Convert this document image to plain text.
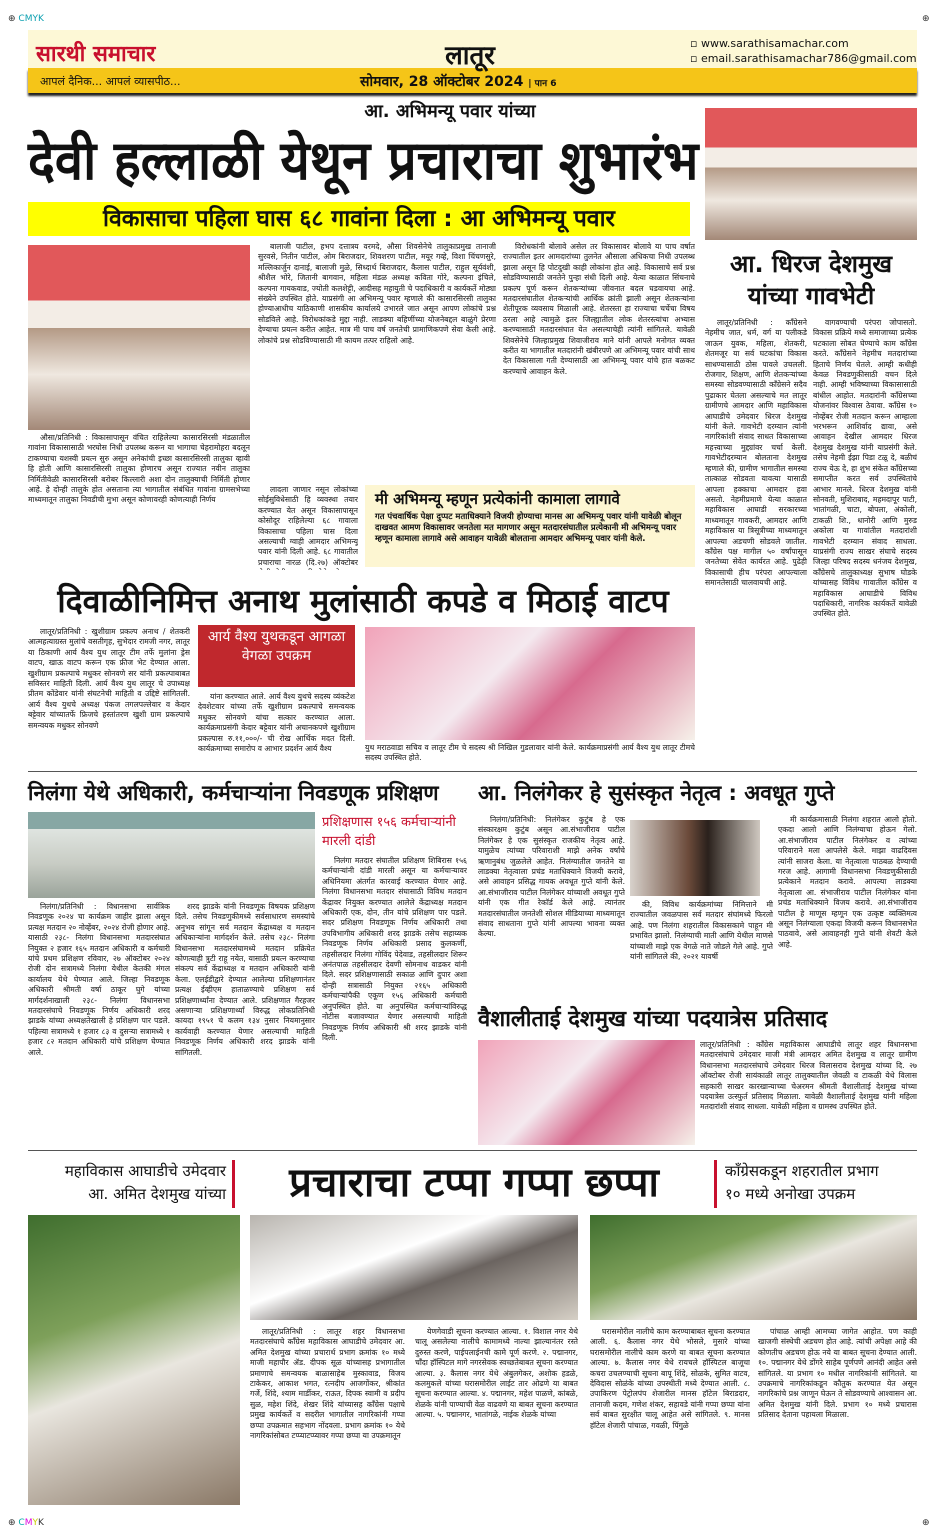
⊕ CMYK	⊕
सारथी समाचार	लातूर	▫ www.sarathisamachar.com
▫ email.sarathisamachar786@gmail.com
आपलं दैनिक... आपलं व्यासपीठ...	सोमवार, 28 ऑक्टोबर 2024 | पान 6
आ. अभिमन्यू पवार यांच्या
देवी हल्लाळी येथून प्रचाराचा शुभारंभ
विकासाचा पहिला घास ६८ गावांना दिला : आ अभिमन्यू पवार

औसा/प्रतिनिधी : विकासापासून वंचित राहिलेल्या कासारसिरसी मंडळातील गावांना विकासासाठी भरघोस निधी उपलब्ध करून या भागाचा चेहरामोहरा बदलून टाकण्याचा यशस्वी प्रयत्न सुरु असून अनेकांची इच्छा कासारसिरसी तालुका व्हावी हि होती आणि कासारसिरसी तालुका होणारच असून राज्यात नवीन तालुका निर्मितीवेळी कासारसिरसी बरोबर किल्लारी अशा दोन तालुक्याची निर्मिती होणार आहे. हे दोन्ही तालुके होत असताना त्या भागातील संबंधित गावांना ग्रामसभेच्या माध्यमातून तालुका निवडीची मुभा असून कोणावरही कोणत्याही निर्णय

बालाजी पाटील, हभप दत्तात्रय वरमदे, औसा शिवसेनेचे तालुकाप्रमुख तानाजी सुरवसे, नितीन पाटील, ओम बिराजदार, शिवशरण पाटील, मयूर गव्हे, विशा चिंचणसुरे, मल्लिकार्जुन दानाई, बालाजी मुळे, सिध्दार्थ बिराजदार, कैलास पाटील, राहुल सूर्यवंशी, श्रीशैल भोरे, जितानी बागवान, महिला मंडळ अध्यक्ष कविता गोरे, कल्पना इंचिले, कल्पना गायकवाड, ज्योती कलशेट्टी, आदीसह महायुती चे पदाधिकारी व कार्यकर्ते मोठ्या संख्येने उपस्थित होते. याप्रसंगी आ अभिमन्यू पवार म्हणाले की कासारसिरसी तालुका होण्याआधीच याठिकाणी शासकीय कार्यालये उभारले जात असून आपण लोकांचे प्रश्न सोडविले आहे. विरोधकांकडे मुद्दा नाही. लाडक्या बहिणींच्या योजनेबद्दल बाळुंगे प्रेरणा देण्याचा प्रयत्न करीत आहेत. मात्र मी पाच वर्ष जनतेची प्रामाणिकपणे सेवा केली आहे. लोकांचे प्रश्न सोडविण्यासाठी मी कायम तत्पर राहिलो आहे.

विरोधकांनी बोलावे असेल तर विकासावर बोलावे या पाच वर्षात राज्यातील इतर आमदारांच्या तुलनेत औसाला अधिकचा निधी उपलब्ध झाला असून हि पोटदुखी काही लोकांना होत आहे. विकासाचे सर्व प्रश्न सोडविण्यासाठी जनतेने पुन्हा संधी दिली आहे. येत्या काळात सिंचनाचे प्रकल्प पूर्ण करून शेतकऱ्यांच्या जीवनात बदल घडवायचा आहे. मतदारसंघातील शेतकऱ्यांची आर्थिक क्रांती झाली असून शेतकऱ्यांना शेतीपूरक व्यवसाय मिळाली आहे. शेतरस्ता हा राज्याचा चर्चेचा विषय ठरला आहे त्यामुळे इतर जिल्ह्यातील लोक शेतरस्त्यांचा अभ्यास करण्यासाठी मतदारसंघात येत असल्याचेही त्यांनी सांगितले. यावेळी शिवसेनेचे जिल्हाप्रमुख शिवाजीराव माने यांनी आपले मनोगत व्यक्त करीत या भागातील मतदारांनी खंबीरपणे आ अभिमन्यू पवार यांची साथ देत विकासाला गती देण्यासाठी आ अभिमन्यू पवार यांचे हात बळकट करण्याचे आवाहन केले.

लादला जाणार नसून लोकांच्या सोईसुविधेसाठी हि व्यवस्था तयार करण्यात येत असून विकासापासून कोसोदूर राहिलेल्या ६८ गावाला विकासाचा पहिला घास दिला असल्याची ग्वाही आमदार अभिमन्यू पवार यांनी दिली आहे. ६८ गावातील प्रचाराचा नारळ (दि.२७) ऑक्टोबर

मी अभिमन्यू म्हणून प्रत्येकांनी कामाला लागावे
गत पंचवार्षिक पेक्षा दुप्पट मताधिक्याने विजयी होण्याचा मानस आ अभिमन्यू पवार यांनी यावेळी बोलून दाखवत आमण विकासावर जनतेला मत मागणार असून मतदारसंघातील प्रत्येकानी मी अभिमन्यू पवार म्हणून कामाला लागावे असे आवाहन यावेळी बोलताना आमदार अभिमन्यू पवार यांनी केले.
आ. धिरज देशमुख
यांच्या गावभेटी

लातूर/प्रतिनिधी : काँग्रेसने नेहमीच जात, धर्म, वर्ग या पलीकडे जाऊन युवक, महिला, शेतकरी, शेतमजूर या सर्व घटकांचा विकास साधण्यासाठी ठोस पावले उचलली. रोजगार, शिक्षण, आणि शेतकऱ्यांच्या समस्या सोडवण्यासाठी काँग्रेसने सदैव पुढाकार घेतला असल्याचे मत लातूर ग्रामीणचे आमदार आणि महाविकास आघाडीचे उमेदवार धिरज देशमुख यांनी केले. गावभेटी दरम्यान त्यांनी नागरिकांशी संवाद साधत विकासाच्या महत्त्वाच्या मुद्द्यांवर चर्चा केली. गावभेटीदरम्यान बोलताना देशमुख म्हणाले की, ग्रामीण भागातील समस्या तात्काळ सोडवता यावत्या यासाठी आपला हक्काचा आमदार हवा असतो. नेहमीप्रमाणे येत्या काळात महाविकास आघाडी सरकारच्या माध्यमातून गावकरी, आमदार आणि महाविकास या त्रिसूत्रीच्या माध्यमातून आपल्या अडचणी सोडवले जातील. काँग्रेस पक्ष मागील ५० वर्षांपासून जनतेच्या सेवेत कार्यरत आहे. पुढेही विकासाची हीच परंपरा आपल्याला समानतेसाठी चालवायची आहे.

वागवण्याची परंपरा जोपासतो. विकास प्रक्रिये मध्ये समाजाच्या प्रत्येक घटकाला सोबत घेण्याचे काम काँग्रेस करते. काँग्रेसने नेहमीच मतदारांच्या हिताचे निर्णय घेतले. आम्ही कधीही केवळ निवडणुकीसाठी वचन दिले नाही. आम्ही भविष्याच्या विकासासाठी बांधील आहोत. मतदारांनी काँग्रेसच्या योजनांवर विश्वास ठेवावा. काँग्रेस १० नोव्हेंबर रोजी मतदान करून आम्हाला भरभरून आशिर्वाद द्यावा, असे आवाहन देखील आमदार धिरज देशमुख देशमुख यांनी याप्रसंगी केले. तसेच नेहमी ईझा पिडा टळू दे, बळीचं राज्य येऊ दे, हा शुभ संकेत काँग्रेसच्या समाप्तीत करत सर्व उपस्थितांचे आभार मानले. धिरज देशमुख यांनी सोनवती, मुशिराबाद, महमदापूर पाटी, भातांगळी, चाटा, बोपला, अंकोली, टाकळी शि., धानोरी आणि मुरुड अकोला या गावांतील मतदारांशी गावभेटी दरम्यान संवाद साधला. याप्रसंगी राज्य साखर संघाचे सदस्य जिल्हा परिषद सदस्य धनंजय देशमुख, काँग्रेसचे तालुकाध्यक्ष सुभाष घोडके यांच्यासह विविध गावातील काँग्रेस व महाविकास आघाडीचे विविध पदाधिकारी, नागरिक कार्यकर्ते यावेळी उपस्थित होते.

दिवाळीनिमित्त अनाथ मुलांसाठी कपडे व मिठाई वाटप

लातूर/प्रतिनिधी : खुशीग्राम प्रकल्प अनाथ / शेतकरी आत्महत्याग्रस्त मुलांचे वसतीगृह, सुभेदार रामजी नगर, लातूर या ठिकाणी आर्य वैश्य युथ लातूर टीम तर्फे मुलांना ड्रेस वाटप, खाऊ वाटप करून एक फ्रीज भेट देण्यात आला. खुशीग्राम प्रकल्पाचे मधुकर सोनवणे सर यांनी प्रकल्पाबाबत सविस्तर माहिती दिली. आर्य वैश्य युथ लातूर चे उपाध्यक्ष प्रीतम कोंडेवार यांनी संघटनेची माहिती व उद्दिष्टे सांगितली. आर्य वैश्य युथचे अध्यक्ष पंकज तगलपल्लेवार व केदार बट्टेवार यांच्यातर्फे फ्रिजचे हस्तांतरण खुशी ग्राम प्रकल्पाचे समन्वयक मधुकर सोनवणे

आर्य वैश्य युथकडून आगळा वेगळा उपक्रम

यांना करण्यात आले. आर्य वैश्य युथचे सदस्य व्यंकटेश देवशेटवार यांच्या तर्फे खुशीग्राम प्रकल्पाचे समन्वयक मधुकर सोनवणे यांचा सत्कार करण्यात आला. कार्यक्रमाप्रसंगी केदार बट्टेवार यांनी अचानकपणे खुशीग्राम प्रकल्पास रु.११,०००/- ची रोख आर्थिक मदत दिली. कार्यक्रमाच्या समारोप व आभार प्रदर्शन आर्य वैश्य	युथ मराठवाडा सचिव व लातूर टीम चे सदस्य श्री निखिल गुडलावार यांनी केले. कार्यक्रमाप्रसंगी आर्य वैश्य युथ लातूर टीमचे सदस्य उपस्थित होते.
निलंगा येथे अधिकारी, कर्मचाऱ्यांना निवडणूक प्रशिक्षण
प्रशिक्षणास १५६ कर्मचाऱ्यांनी मारली दांडी

निलंगा/प्रतिनिधी : विधानसभा सार्वत्रिक निवडणूक २०२४ चा कार्यक्रम जाहीर झाला असून प्रत्यक्ष मतदान २० नोव्हेंबर, २०२४ रोजी होणार आहे. यासाठी २३८- निलंगा विधानसभा मतदारसंघात नियुक्त २ हजार १६५ मतदान अधिकारी व कर्मचारी यांचे प्रथम प्रशिक्षण रविवार, २७ ऑक्टोबर २०२४ रोजी दोन सत्रामध्ये निलंगा येथील केतकी मंगल कार्यालय येथे घेण्यात आले. जिल्हा निवडणूक अधिकारी श्रीमती वर्षा ठाकूर घुगे यांच्या मार्गदर्शनाखाली २३८- निलंगा विधानसभा मतदारसंघाचे निवडणूक निर्णय अधिकारी शरद झाडके यांच्या अध्यक्षतेखाली हे प्रशिक्षण पार पडले. पहिल्या सत्रामध्ये १ हजार ८३ व दुसऱ्या सत्रामध्ये १ हजार ८२ मतदान अधिकारी यांचे प्रशिक्षण घेण्यात आले.

शरद झाडके यांनी निवडणूक विषयक प्रशिक्षण दिले. तसेच निवडणुकीमध्ये सर्वसाधारण समस्यांचे अनुभव सांगून सर्व मतदान केंद्राध्यक्ष व मतदान अधिकाऱ्यांना मार्गदर्शन केले. तसेच २३८- निलंगा विधानसभा मतदारसंघामध्ये मतदान प्रक्रियेत कोणत्याही त्रुटी राहू नयेत, यासाठी प्रयत्न करण्याचा संकल्प सर्व केंद्राध्यक्ष व मतदान अधिकारी यांनी केला. एलईडीद्वारे देण्यात आलेल्या प्रशिक्षणानंतर प्रत्यक्ष ईव्हीएम हाताळण्याचे प्रशिक्षण सर्व प्रशिक्षणार्थ्यांना देण्यात आले. प्रशिक्षणात गैरहजर असणाऱ्या प्रशिक्षणार्थ्यां विरुद्ध लोकप्रतिनिधी कायदा १९५१ चे कलम १३४ नुसार नियमानुसार कार्यवाही करण्यात येणार असल्याची माहिती निवडणूक निर्णय अधिकारी शरद झाडके यांनी सांगितली.

निलंगा मतदार संघातील प्रशिक्षण शिबिरास १५६ कर्मचाऱ्यांनी दांडी मारली असून या कर्मचाऱ्यावर अधिनियमा अंतर्गत कारवाई करण्यात येणार आहे. निलंगा विधानसभा मतदार संघासाठी विविध मतदान केंद्रावर नियुक्त करण्यात आलेले केंद्राध्यक्ष मतदान अधिकारी एक, दोन, तीन यांचे प्रशिक्षण पार पडले. सदर प्रशिक्षण निवडणूक निर्णय अधिकारी तथा उपविभागीय अधिकारी शरद झाडके तसेच सहाय्यक निवडणूक निर्णय अधिकारी प्रसाद कुलकर्णी, तहसीलदार निलंगा गोविंद पेदेवाड, तहसीलदार शिरूर अनंतपाळ तहसीलदार देवणी सोमनाथ वाडकर यांनी दिले. सदर प्रशिक्षणासाठी सकाळ आणि दुपार अशा दोन्ही सत्रासाठी नियुक्त २१६५ अधिकारी कर्मचाऱ्यांपैकी एकूण १५६ अधिकारी कर्मचारी अनुपस्थित होते. या अनुपस्थित कर्मचाऱ्यांविरुद्ध नोटीस बजावण्यात येणार असल्याची माहिती निवडणूक निर्णय अधिकारी श्री शरद झाडके यांनी दिली.

आ. निलंगेकर हे सुसंस्कृत नेतृत्व : अवधूत गुप्ते

निलंगा/प्रतिनिधी: निलंगेकर कुटुंब हे एक संस्कारक्षम कुटुंब असून आ.संभाजीराव पाटील निलंगेकर हे एक सुसंस्कृत राजकीय नेतृत्व आहे. यामुळेच त्यांच्या परिवाराशी माझे अनेक वर्षांचे ऋणानुबंध जुळलेले आहेत. निलंग्यातील जनतेने या लाडक्या नेतृत्वाला प्रचंड मताधिक्याने विजयी करावे, असे आवाहन प्रसिद्ध गायक अवधूत गुप्ते यांनी केले. आ.संभाजीराव पाटील निलंगेकर यांच्याशी अवधूत गुप्ते यांनी एक गीत रेकॉर्ड केले आहे. त्यानंतर मतदारसंघातील जनतेशी सोशल मीडियाच्या माध्यमातून संवाद साधताना गुप्ते यांनी आपल्या भावना व्यक्त केल्या.

की, विविध कार्यक्रमांच्या निमित्ताने मी राज्यातील जवळपास सर्व मतदार संघांमध्ये फिरलो आहे. पण निलंगा शहरातील विकासकामे पाहून मी प्रभावित झालो. निलंग्याची माती आणि येथील माणसे यांच्याशी माझे एक वेगळे नाते जोडले गेले आहे. गुप्ते यांनी सांगितले की, २०२१ यावर्षी

मी कार्यक्रमासाठी निलंगा शहरात आलो होतो. एकदा आलो आणि निलंग्याचा होऊन गेलो. आ.संभाजीराव पाटील निलंगेकर व त्यांच्या परिवाराने मला आपलेसे केले. माझा वाढदिवस त्यांनी साजरा केला. या नेतृत्वाला पाठबळ देण्याची गरज आहे. आगामी विधानसभा निवडणुकीसाठी प्रत्येकाने मतदान करावे. आपल्या लाडक्या नेतृत्वाला आ. संभाजीराव पाटील निलंगेकर यांना प्रचंड मताधिक्याने विजय करावे. आ.संभाजीराव पाटील हे माणूस म्हणून एक उत्कृष्ट व्यक्तिमत्व असून निलंग्याला एकदा विजयी करून विधानसभेत पाठवावे, असे आवाहनही गुप्ते यांनी शेवटी केले आहे.

वैशालीताई देशमुख यांच्या पदयात्रेस प्रतिसाद
लातूर/प्रतिनिधी : काँग्रेस महाविकास आघाडीचे लातूर शहर विधानसभा मतदारसंघाचे उमेदवार माजी मंत्री आमदार अमित देशमुख व लातूर ग्रामीण विधानसभा मतदारसंघाचे उमेदवार धिरज विलासराव देशमुख यांच्या दि. २७ ऑक्टोबर रोजी सायंकाळी लातूर तालुक्यातील जेवळी व टाकळी येथे विलास सहकारी साखर कारखान्याच्या चेअरमन श्रीमती वैशालीताई देशमुख यांच्या पदयात्रेस उत्स्फुर्त प्रतिसाद मिळाला. यावेळी वैशालीताई देशमुख यांनी महिला मतदारांशी संवाद साधला. यावेळी महिला व ग्रामस्थ उपस्थित होते.
महाविकास आघाडीचे उमेदवार
आ. अमित देशमुख यांच्या	प्रचाराचा टप्पा गप्पा छप्पा	काँग्रेसकडून शहरातील प्रभाग
१० मध्ये अनोखा उपक्रम

लातूर/प्रतिनिधी : लातूर शहर विधानसभा मतदारसंघाचे काँग्रेस महाविकास आघाडीचे उमेदवार आ. अमित देशमुख यांच्या प्रचारार्थ प्रभाग क्रमांक १० मध्ये माजी महापौर ॲड. दीपक सूळ यांच्यासह प्रभागातील प्रमाणाचे समन्वयक बाळासाहेब मुस्कावाड, विजय टाकेकर, आकाश भगत, रत्नदीप आजगोंकर, श्रीकांत गर्जे, शिंदे, श्याम मार्डीकर, राऊत, दिपक स्वामी व प्रदीप सुळ, महेश शिंदे, शेखर शिंदे यांच्यासह काँग्रेस पक्षाचे प्रमुख कार्यकर्ते व सदरील भागातील नागरिकांनी गप्पा छप्पा उपक्रमात सहभाग नोंदवला. प्रभाग क्रमांक १० येथे नागरिकांसोबत टप्प्याटप्प्यावर गप्पा छप्पा या उपक्रमातून

येणगेवाडी सूचना करण्यात आल्या. १. विशाल नगर येथे चालू असलेल्या नालीचे कामामध्ये नाल्या झाल्यानंतर रस्ते दुरुस्त करणे, पाईपलाईनची कामे पूर्ण करणे. २. पद्मानगर, चाँदा हॉस्पिटल मागे नगरसेवक स्वच्छतेबाबत सूचना करण्यात आल्या. ३. कैलास नगर येथे अंबुलगेकर, अशोक हडळे, कलमुकले यांच्या घरासमोरील लाईट तार ओढणे या बाबत सूचना करण्यात आल्या. ४. पद्मानगर, महेश पाळणे, कांबळे, शेळके यांनी पाण्याची वेळ वाढवणे या बाबत सूचना करण्यात आल्या. ५. पद्मानगर, भातांगळे, नाईक शेळके यांच्या

घरासमोरील नालीचे काम करण्याबाबत सूचना करण्यात आली. ६. कैलास नगर येथे भोसले, मुसारे यांच्या घरासमोरील नालीचे काम करणे या बाबत सूचना करण्यात आल्या. ७. कैलास नगर येथे रायचले हॉस्पिटल बाजूचा कचरा उचलण्याची सूचना बापू शिंदे, सोळके, सुमित वाटव, देविदास सोळंके यांच्या उपस्थीती मध्ये देण्यात आली. ८. उपाकिरण पेट्रोलपंप शेजारील मानस हॉटेल बिराडदार, तानाजी कदम, गणेश शंकर, सहावडे यांनी गप्पा छप्पा यांना सर्व बाबत सुरक्षीत चालू आहेत असे सांगितले. ९. मानस हॉटेल शेजारी पांचाळ, गवळी, पिंगुळे

पांचाळ आम्ही आमच्या जागेत आहोत. पण काही खाजगी संस्थेची अडचण होत आहे. त्यांची अपेक्षा आहे की कोणतीच अडचण होऊ नये या बाबत सूचना देण्यात आली. १०. पद्मानगर येथे डोंगरे साहेब पूर्णपणे आनंदी आहेत असे सांगितले. या प्रभाग १० मधील नागरिकांनी सांगितले. या उपक्रमाचे नागरिकांकडून कौतुक करण्यात येत असून नागरिकांचे प्रश्न जाणून घेऊन ते सोडवण्याचे आश्वासन आ. अमित देशमुख यांनी दिले. प्रभाग १० मध्ये प्रचारास प्रतिसाद देताना पहायला मिळाला.

⊕ CMYK	⊕
